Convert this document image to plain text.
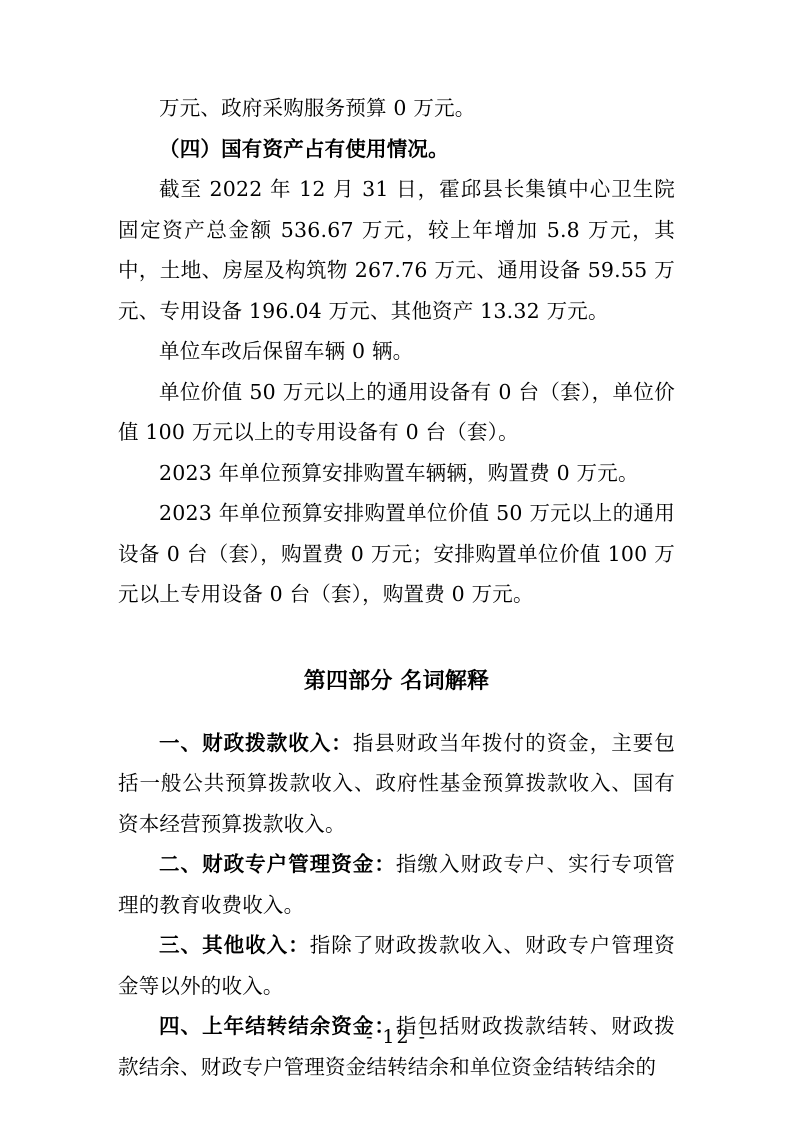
万元、政府采购服务预算 0 万元。

（四）国有资产占有使用情况。

截至 2022 年 12 月 31 日，霍邱县长集镇中心卫生院固定资产总金额 536.67 万元，较上年增加 5.8 万元，其中，土地、房屋及构筑物 267.76 万元、通用设备 59.55 万元、专用设备 196.04 万元、其他资产 13.32 万元。

单位车改后保留车辆 0 辆。

单位价值 50 万元以上的通用设备有 0 台（套），单位价值 100 万元以上的专用设备有 0 台（套）。

2023 年单位预算安排购置车辆辆，购置费 0 万元。

2023 年单位预算安排购置单位价值 50 万元以上的通用设备 0 台（套），购置费 0 万元；安排购置单位价值 100 万元以上专用设备 0 台（套），购置费 0 万元。

第四部分 名词解释

一、财政拨款收入：指县财政当年拨付的资金，主要包括一般公共预算拨款收入、政府性基金预算拨款收入、国有资本经营预算拨款收入。

二、财政专户管理资金：指缴入财政专户、实行专项管理的教育收费收入。

三、其他收入：指除了财政拨款收入、财政专户管理资金等以外的收入。

四、上年结转结余资金：指包括财政拨款结转、财政拨款结余、财政专户管理资金结转结余和单位资金结转结余的

- 12 -
